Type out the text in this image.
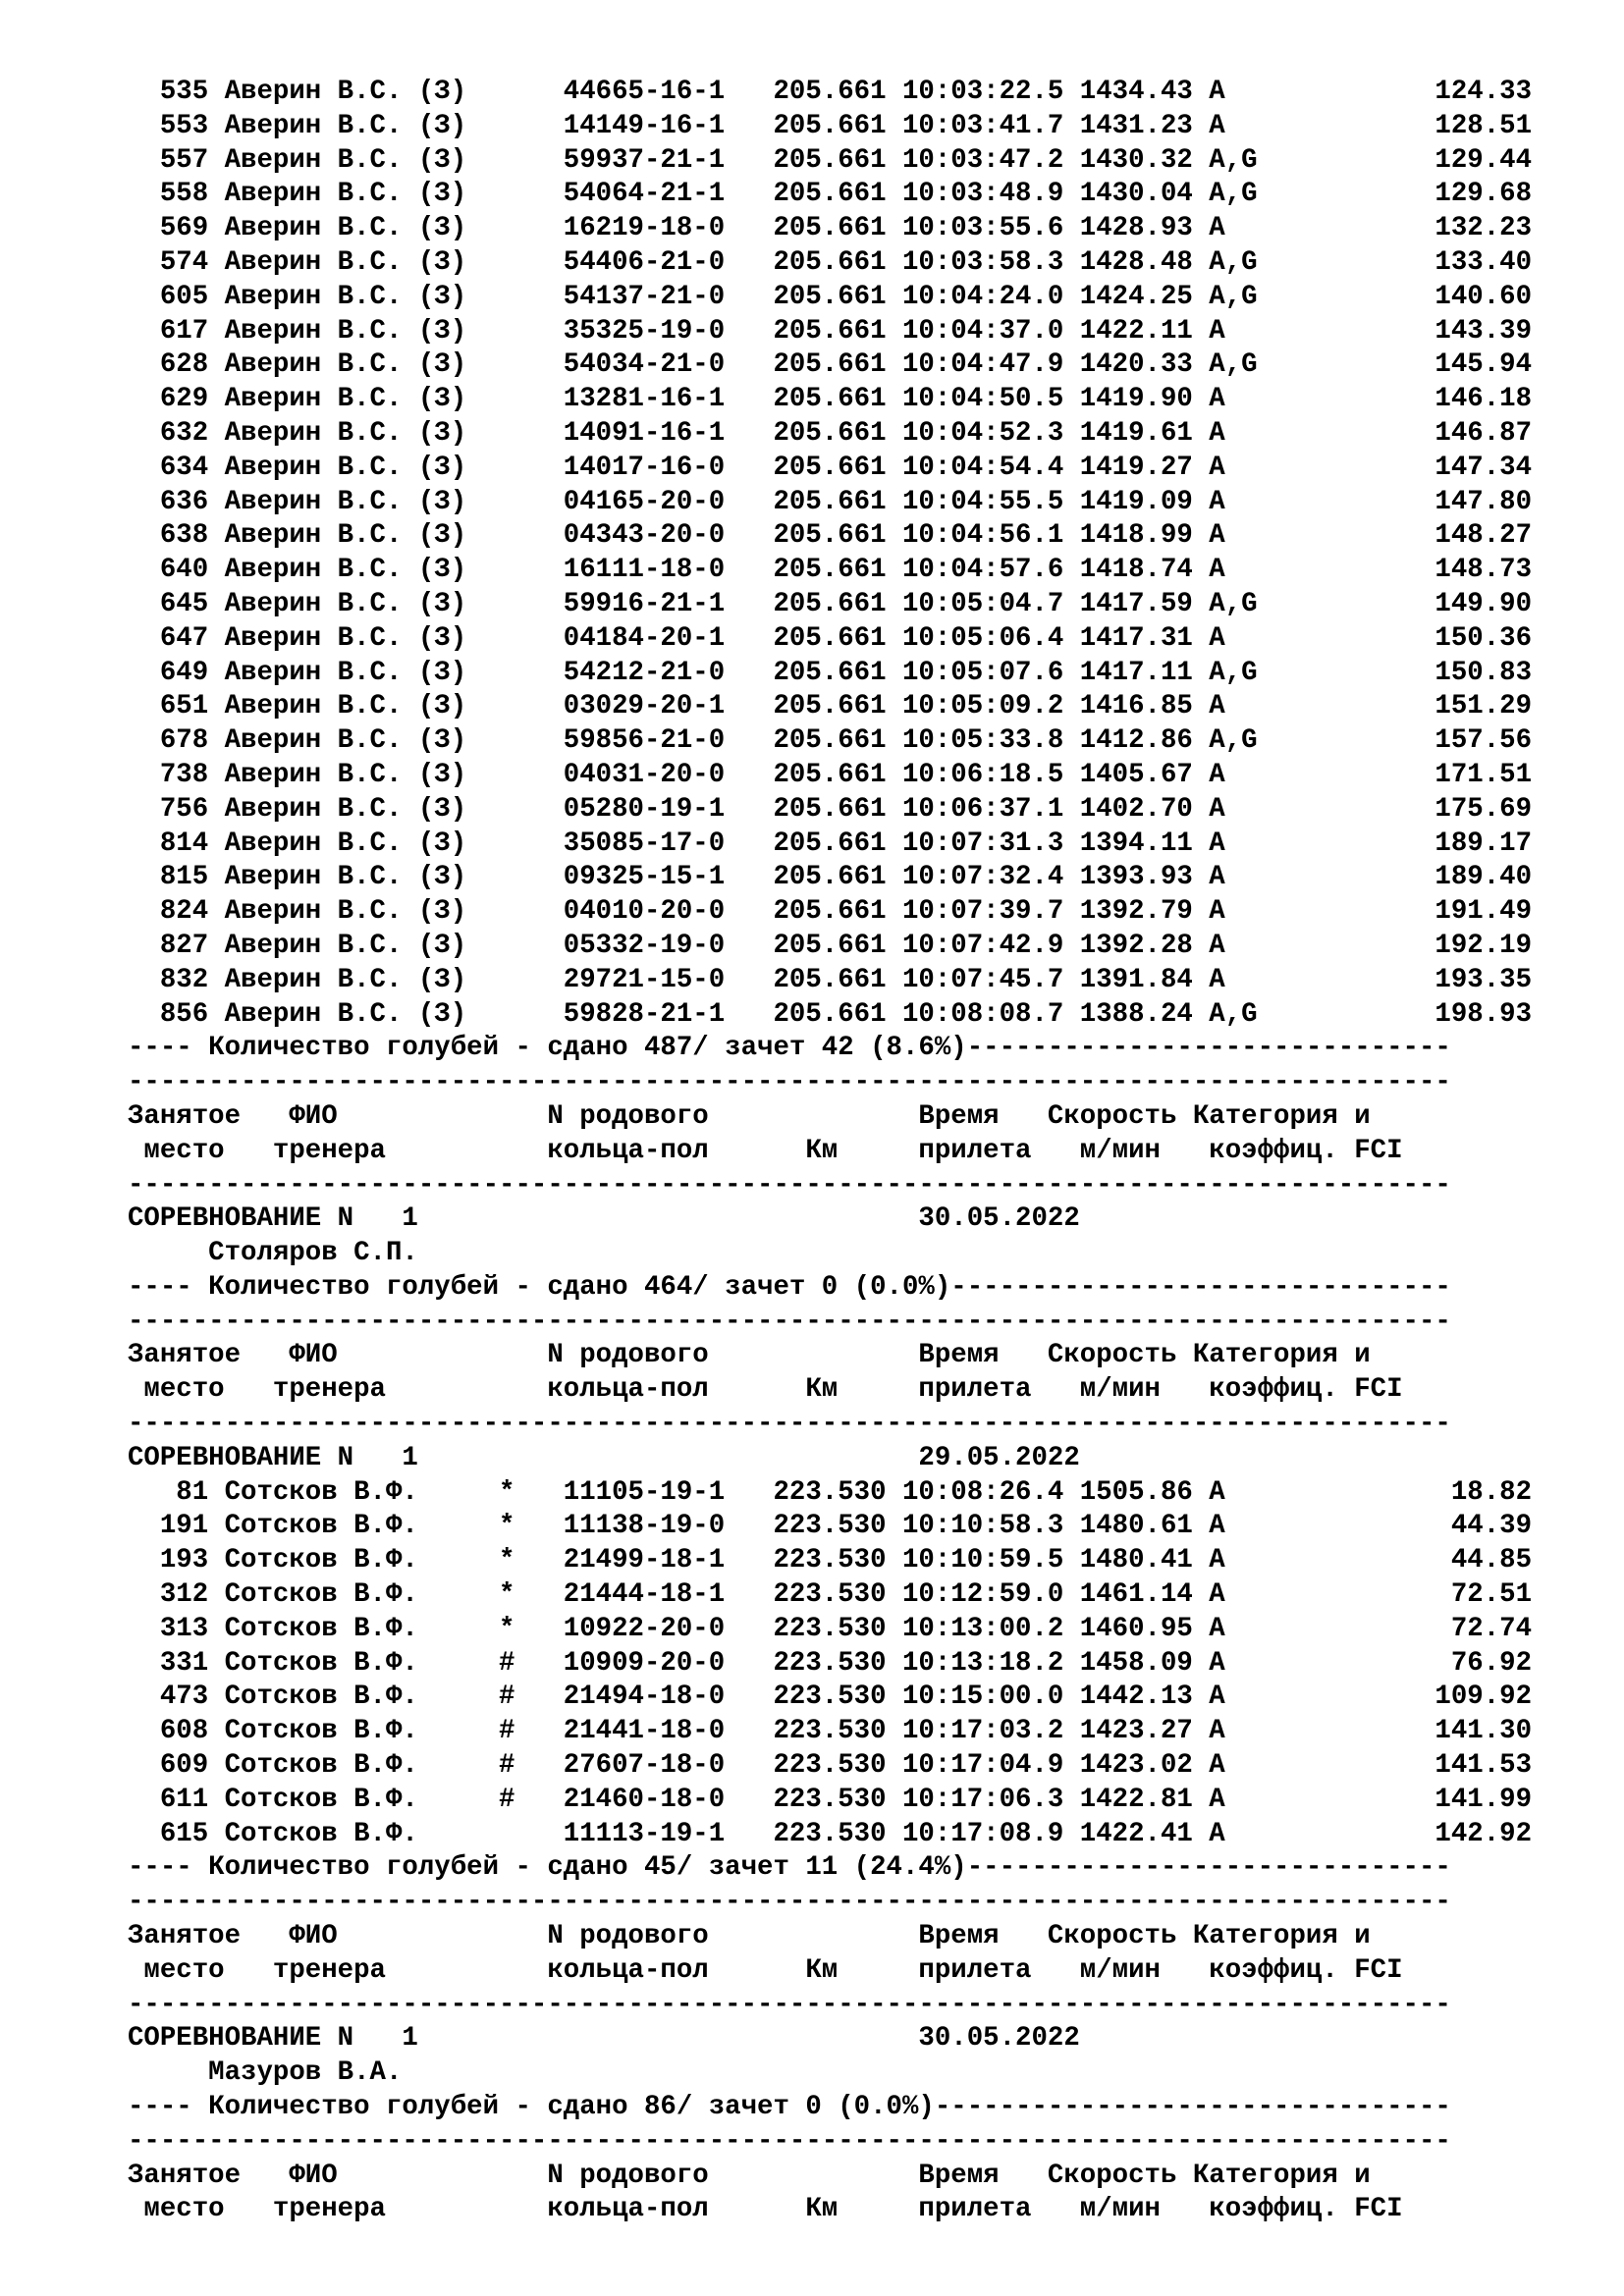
535 Аверин В.С. (З)      44665-16-1   205.661 10:03:22.5 1434.43 A             124.33
553 Аверин В.С. (З)      14149-16-1   205.661 10:03:41.7 1431.23 A             128.51
557 Аверин В.С. (З)      59937-21-1   205.661 10:03:47.2 1430.32 A,G           129.44
558 Аверин В.С. (З)      54064-21-1   205.661 10:03:48.9 1430.04 A,G           129.68
569 Аверин В.С. (З)      16219-18-0   205.661 10:03:55.6 1428.93 A             132.23
574 Аверин В.С. (З)      54406-21-0   205.661 10:03:58.3 1428.48 A,G           133.40
605 Аверин В.С. (З)      54137-21-0   205.661 10:04:24.0 1424.25 A,G           140.60
617 Аверин В.С. (З)      35325-19-0   205.661 10:04:37.0 1422.11 A             143.39
628 Аверин В.С. (З)      54034-21-0   205.661 10:04:47.9 1420.33 A,G           145.94
629 Аверин В.С. (З)      13281-16-1   205.661 10:04:50.5 1419.90 A             146.18
632 Аверин В.С. (З)      14091-16-1   205.661 10:04:52.3 1419.61 A             146.87
634 Аверин В.С. (З)      14017-16-0   205.661 10:04:54.4 1419.27 A             147.34
636 Аверин В.С. (З)      04165-20-0   205.661 10:04:55.5 1419.09 A             147.80
638 Аверин В.С. (З)      04343-20-0   205.661 10:04:56.1 1418.99 A             148.27
640 Аверин В.С. (З)      16111-18-0   205.661 10:04:57.6 1418.74 A             148.73
645 Аверин В.С. (З)      59916-21-1   205.661 10:05:04.7 1417.59 A,G           149.90
647 Аверин В.С. (З)      04184-20-1   205.661 10:05:06.4 1417.31 A             150.36
649 Аверин В.С. (З)      54212-21-0   205.661 10:05:07.6 1417.11 A,G           150.83
651 Аверин В.С. (З)      03029-20-1   205.661 10:05:09.2 1416.85 A             151.29
678 Аверин В.С. (З)      59856-21-0   205.661 10:05:33.8 1412.86 A,G           157.56
738 Аверин В.С. (З)      04031-20-0   205.661 10:06:18.5 1405.67 A             171.51
756 Аверин В.С. (З)      05280-19-1   205.661 10:06:37.1 1402.70 A             175.69
814 Аверин В.С. (З)      35085-17-0   205.661 10:07:31.3 1394.11 A             189.17
815 Аверин В.С. (З)      09325-15-1   205.661 10:07:32.4 1393.93 A             189.40
824 Аверин В.С. (З)      04010-20-0   205.661 10:07:39.7 1392.79 A             191.49
827 Аверин В.С. (З)      05332-19-0   205.661 10:07:42.9 1392.28 A             192.19
832 Аверин В.С. (З)      29721-15-0   205.661 10:07:45.7 1391.84 A             193.35
856 Аверин В.С. (З)      59828-21-1   205.661 10:08:08.7 1388.24 A,G           198.93
---- Количество голубей - сдано 487/ зачет 42 (8.6%)------------------------------
----------------------------------------------------------------------------------
Занятое   ФИО             N родового             Время   Скорость Категория и
место   тренера          кольца-пол      Км     прилета   м/мин   коэффиц. FCI
----------------------------------------------------------------------------------
СОРЕВНОВАНИЕ N   1                               30.05.2022
Столяров С.П.
---- Количество голубей - сдано 464/ зачет 0 (0.0%)-------------------------------
----------------------------------------------------------------------------------
Занятое   ФИО             N родового             Время   Скорость Категория и
место   тренера          кольца-пол      Км     прилета   м/мин   коэффиц. FCI
----------------------------------------------------------------------------------
СОРЕВНОВАНИЕ N   1                               29.05.2022
81 Сотсков В.Ф.     *   11105-19-1   223.530 10:08:26.4 1505.86 A              18.82
191 Сотсков В.Ф.     *   11138-19-0   223.530 10:10:58.3 1480.61 A              44.39
193 Сотсков В.Ф.     *   21499-18-1   223.530 10:10:59.5 1480.41 A              44.85
312 Сотсков В.Ф.     *   21444-18-1   223.530 10:12:59.0 1461.14 A              72.51
313 Сотсков В.Ф.     *   10922-20-0   223.530 10:13:00.2 1460.95 A              72.74
331 Сотсков В.Ф.     #   10909-20-0   223.530 10:13:18.2 1458.09 A              76.92
473 Сотсков В.Ф.     #   21494-18-0   223.530 10:15:00.0 1442.13 A             109.92
608 Сотсков В.Ф.     #   21441-18-0   223.530 10:17:03.2 1423.27 A             141.30
609 Сотсков В.Ф.     #   27607-18-0   223.530 10:17:04.9 1423.02 A             141.53
611 Сотсков В.Ф.     #   21460-18-0   223.530 10:17:06.3 1422.81 A             141.99
615 Сотсков В.Ф.         11113-19-1   223.530 10:17:08.9 1422.41 A             142.92
---- Количество голубей - сдано 45/ зачет 11 (24.4%)------------------------------
----------------------------------------------------------------------------------
Занятое   ФИО             N родового             Время   Скорость Категория и
место   тренера          кольца-пол      Км     прилета   м/мин   коэффиц. FCI
----------------------------------------------------------------------------------
СОРЕВНОВАНИЕ N   1                               30.05.2022
Мазуров В.А.
---- Количество голубей - сдано 86/ зачет 0 (0.0%)--------------------------------
----------------------------------------------------------------------------------
Занятое   ФИО             N родового             Время   Скорость Категория и
место   тренера          кольца-пол      Км     прилета   м/мин   коэффиц. FCI
